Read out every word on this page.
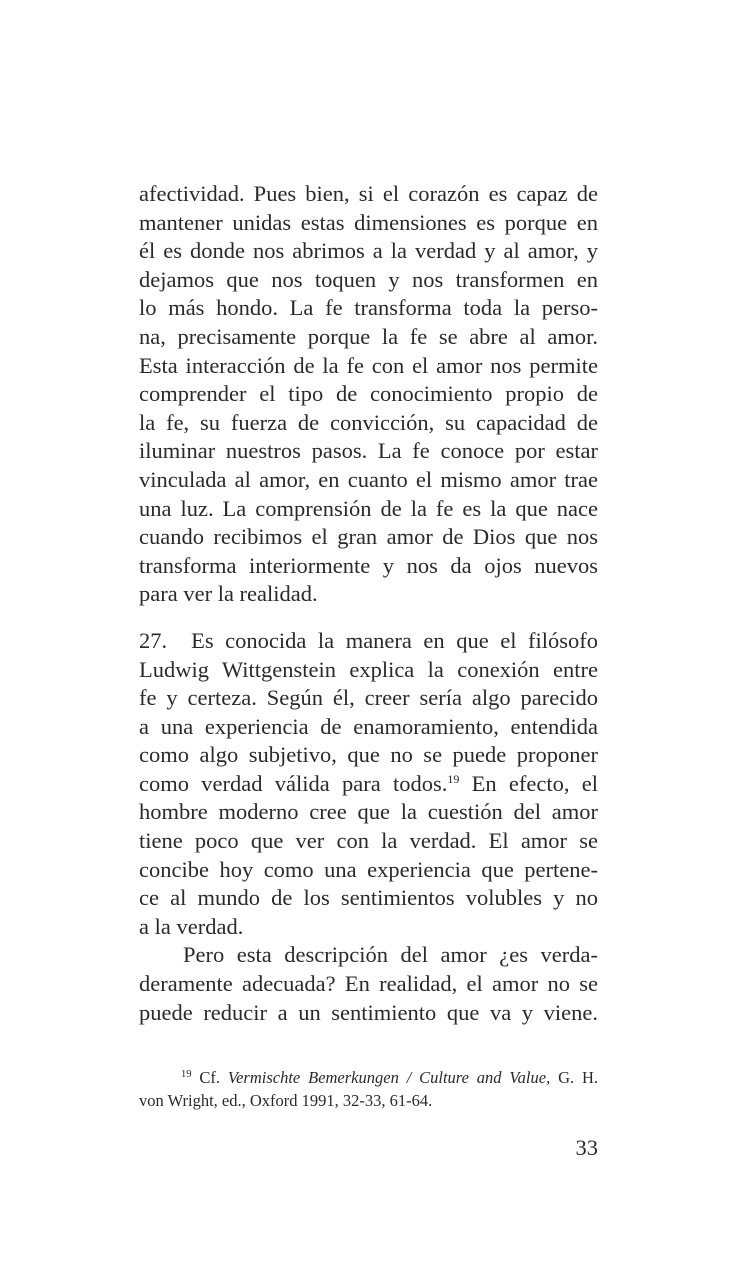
afectividad. Pues bien, si el corazón es capaz de
mantener unidas estas dimensiones es porque en
él es donde nos abrimos a la verdad y al amor, y
dejamos que nos toquen y nos transformen en
lo más hondo. La fe transforma toda la perso-
na, precisamente porque la fe se abre al amor.
Esta interacción de la fe con el amor nos permite
comprender el tipo de conocimiento propio de
la fe, su fuerza de convicción, su capacidad de
iluminar nuestros pasos. La fe conoce por estar
vinculada al amor, en cuanto el mismo amor trae
una luz. La comprensión de la fe es la que nace
cuando recibimos el gran amor de Dios que nos
transforma interiormente y nos da ojos nuevos
para ver la realidad.
27. Es conocida la manera en que el filósofo
Ludwig Wittgenstein explica la conexión entre
fe y certeza. Según él, creer sería algo parecido
a una experiencia de enamoramiento, entendida
como algo subjetivo, que no se puede proponer
como verdad válida para todos.$^{19}$ En efecto, el
hombre moderno cree que la cuestión del amor
tiene poco que ver con la verdad. El amor se
concibe hoy como una experiencia que pertene-
ce al mundo de los sentimientos volubles y no
a la verdad.
Pero esta descripción del amor ¿es verda-
deramente adecuada? En realidad, el amor no se
puede reducir a un sentimiento que va y viene.
$^{19}$ Cf. Vermischte Bemerkungen / Culture and Value, G. H.
von Wright, ed., Oxford 1991, 32-33, 61-64.
33
